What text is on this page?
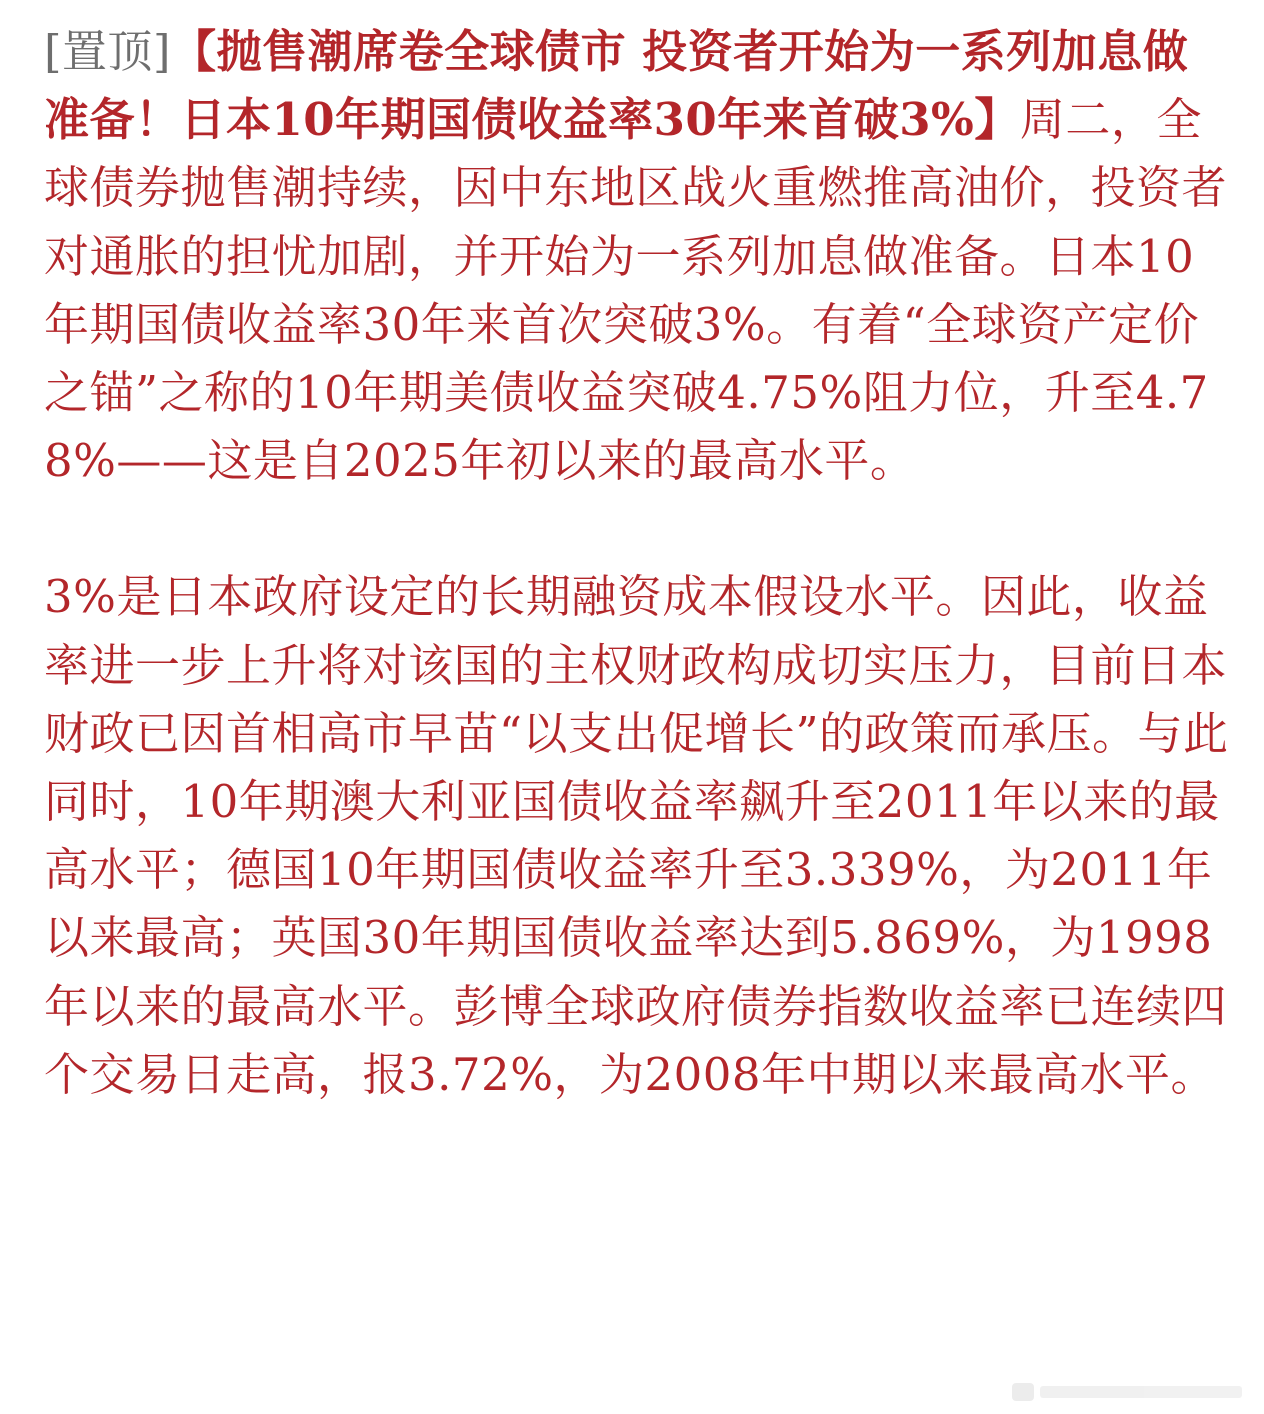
[置顶]【抛售潮席卷全球债市 投资者开始为一系列加息做准备！日本10年期国债收益率30年来首破3%】周二，全球债券抛售潮持续，因中东地区战火重燃推高油价，投资者对通胀的担忧加剧，并开始为一系列加息做准备。日本10年期国债收益率30年来首次突破3%。有着“全球资产定价之锚”之称的10年期美债收益突破4.75%阻力位，升至4.78%——这是自2025年初以来的最高水平。

3%是日本政府设定的长期融资成本假设水平。因此，收益率进一步上升将对该国的主权财政构成切实压力，目前日本财政已因首相高市早苗“以支出促增长”的政策而承压。与此同时，10年期澳大利亚国债收益率飙升至2011年以来的最高水平；德国10年期国债收益率升至3.339%，为2011年以来最高；英国30年期国债收益率达到5.869%，为1998年以来的最高水平。彭博全球政府债券指数收益率已连续四个交易日走高，报3.72%，为2008年中期以来最高水平。
